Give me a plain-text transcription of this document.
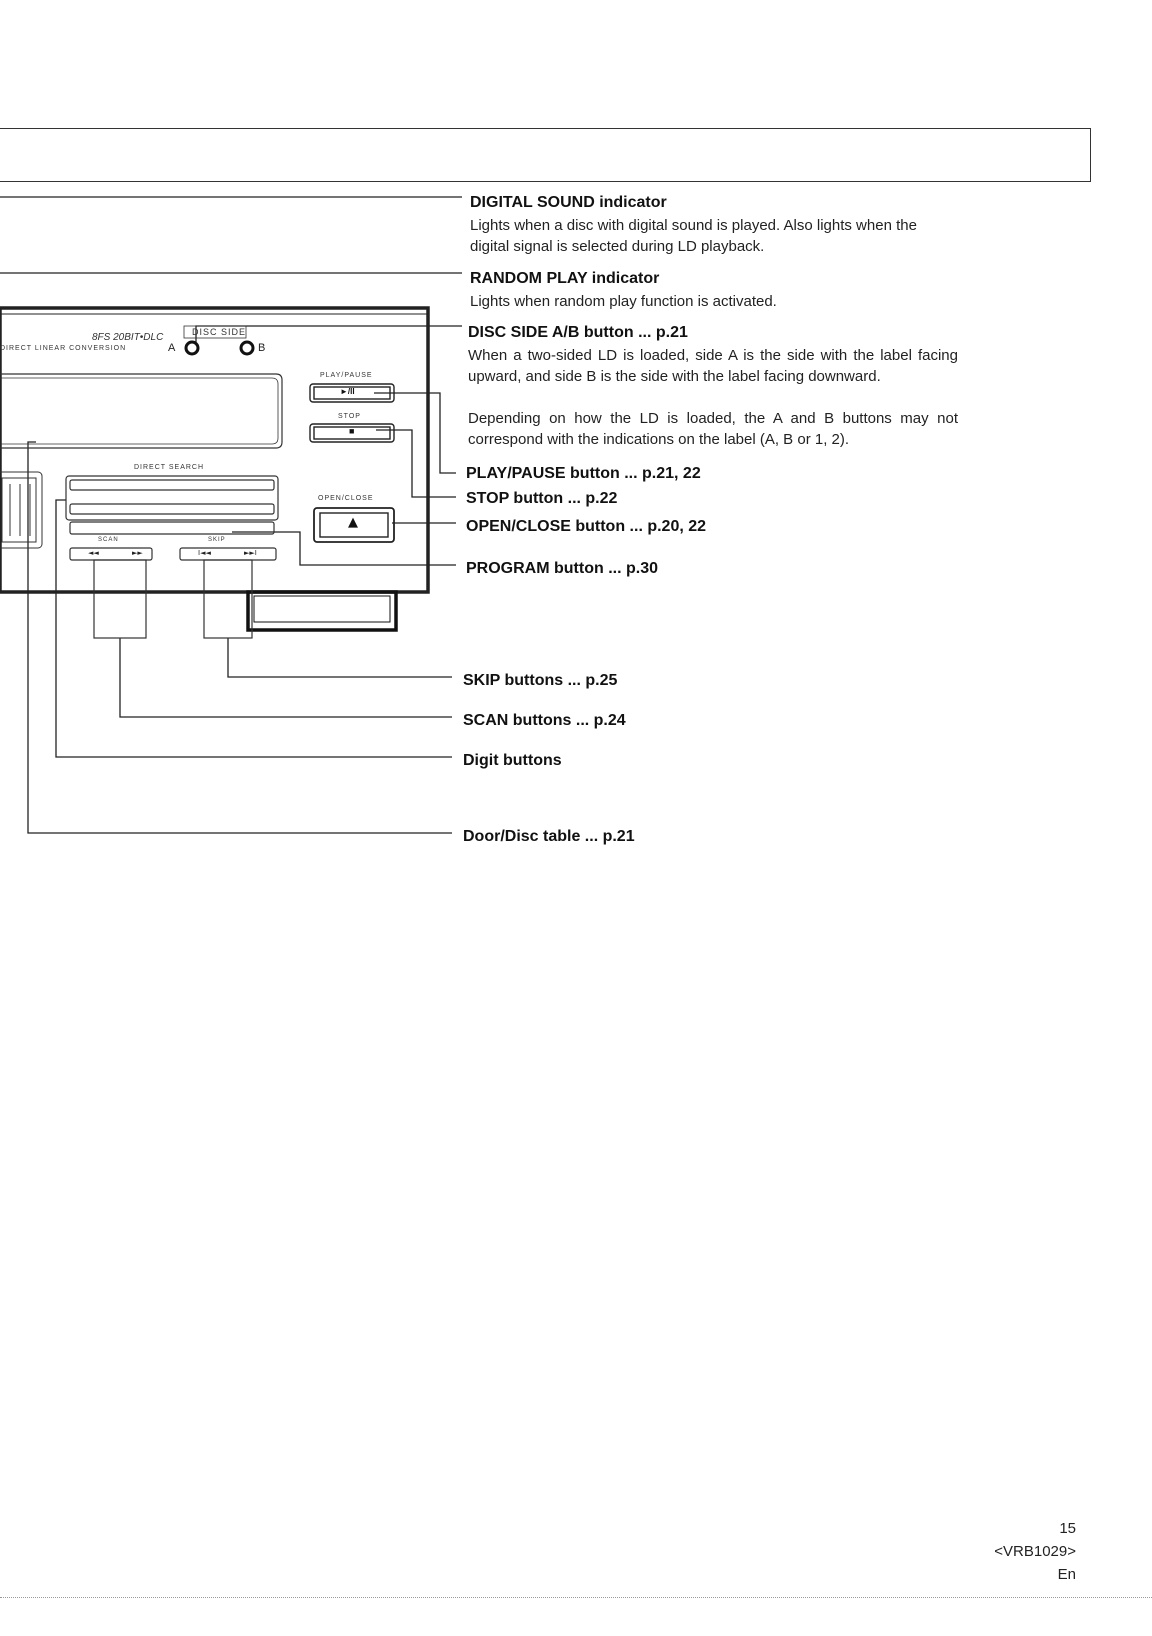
8FS 20BIT•DLC
DIRECT LINEAR CONVERSION
DISC SIDE
A	B
PLAY/PAUSE
►/II
STOP
■
OPEN/CLOSE
▲
DIRECT SEARCH
SCAN	SKIP
◄◄	►►	I◄◄	►►I
DIGITAL SOUND indicator
Lights when a disc with digital sound is played. Also lights when the digital signal is selected during LD playback.
RANDOM PLAY indicator
Lights when random play function is activated.
DISC SIDE A/B button ... p.21
When a two-sided LD is loaded, side A is the side with the label facing upward, and side B is the side with the label facing downward.
Depending on how the LD is loaded, the A and B buttons may not correspond with the indications on the label (A, B or 1, 2).
PLAY/PAUSE button ... p.21, 22
STOP button ... p.22
OPEN/CLOSE button ... p.20, 22
PROGRAM button ... p.30
SKIP buttons ... p.25
SCAN buttons ... p.24
Digit buttons
Door/Disc table ... p.21
15
<VRB1029>
En
